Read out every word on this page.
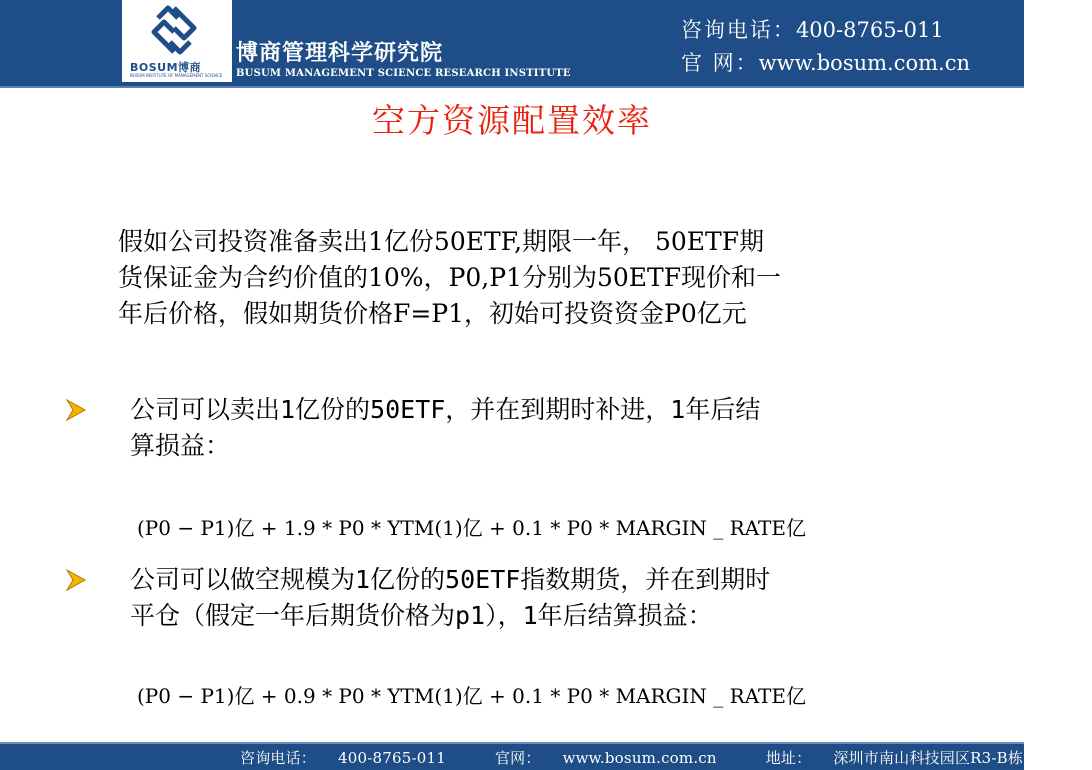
BOSUM博商
BOSUM INSTITUTE OF MANAGEMENT SCIENCE
博商管理科学研究院
BUSUM MANAGEMENT SCIENCE RESEARCH INSTITUTE
咨询电话：400-8765-011
官 网：www.bosum.com.cn
空方资源配置效率
假如公司投资准备卖出1亿份50ETF,期限一年， 50ETF期
货保证金为合约价值的10%，P0,P1分别为50ETF现价和一
年后价格，假如期货价格F=P1，初始可投资资金P0亿元
公司可以卖出1亿份的50ETF，并在到期时补进，1年后结
算损益：
(P0 − P1)亿 + 1.9 * P0 * YTM(1)亿 + 0.1 * P0 * MARGIN _ RATE亿
公司可以做空规模为1亿份的50ETF指数期货，并在到期时
平仓（假定一年后期货价格为p1），1年后结算损益：
(P0 − P1)亿 + 0.9 * P0 * YTM(1)亿 + 0.1 * P0 * MARGIN _ RATE亿
咨询电话： 400-8765-011	官网： www.bosum.com.cn	地址： 深圳市南山科技园区R3-B栋2楼
